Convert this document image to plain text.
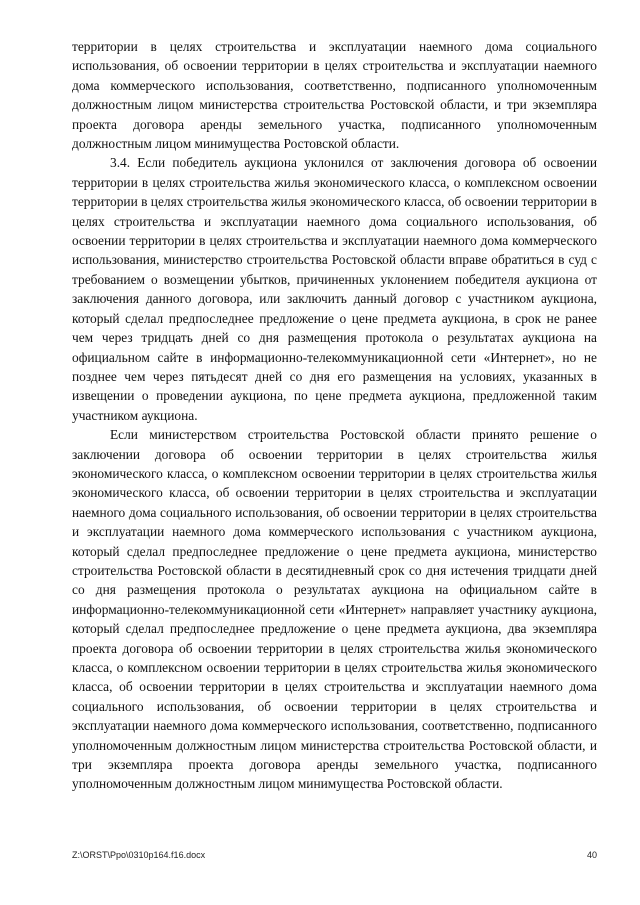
территории в целях строительства и эксплуатации наемного дома социального использования, об освоении территории в целях строительства и эксплуатации наемного дома коммерческого использования, соответственно, подписанного уполномоченным должностным лицом министерства строительства Ростовской области, и три экземпляра проекта договора аренды земельного участка, подписанного уполномоченным должностным лицом минимущества Ростовской области.

3.4. Если победитель аукциона уклонился от заключения договора об освоении территории в целях строительства жилья экономического класса, о комплексном освоении территории в целях строительства жилья экономического класса, об освоении территории в целях строительства и эксплуатации наемного дома социального использования, об освоении территории в целях строительства и эксплуатации наемного дома коммерческого использования, министерство строительства Ростовской области вправе обратиться в суд с требованием о возмещении убытков, причиненных уклонением победителя аукциона от заключения данного договора, или заключить данный договор с участником аукциона, который сделал предпоследнее предложение о цене предмета аукциона, в срок не ранее чем через тридцать дней со дня размещения протокола о результатах аукциона на официальном сайте в информационно-телекоммуникационной сети «Интернет», но не позднее чем через пятьдесят дней со дня его размещения на условиях, указанных в извещении о проведении аукциона, по цене предмета аукциона, предложенной таким участником аукциона.

Если министерством строительства Ростовской области принято решение о заключении договора об освоении территории в целях строительства жилья экономического класса, о комплексном освоении территории в целях строительства жилья экономического класса, об освоении территории в целях строительства и эксплуатации наемного дома социального использования, об освоении территории в целях строительства и эксплуатации наемного дома коммерческого использования с участником аукциона, который сделал предпоследнее предложение о цене предмета аукциона, министерство строительства Ростовской области в десятидневный срок со дня истечения тридцати дней со дня размещения протокола о результатах аукциона на официальном сайте в информационно-телекоммуникационной сети «Интернет» направляет участнику аукциона, который сделал предпоследнее предложение о цене предмета аукциона, два экземпляра проекта договора об освоении территории в целях строительства жилья экономического класса, о комплексном освоении территории в целях строительства жилья экономического класса, об освоении территории в целях строительства и эксплуатации наемного дома социального использования, об освоении территории в целях строительства и эксплуатации наемного дома коммерческого использования, соответственно, подписанного уполномоченным должностным лицом министерства строительства Ростовской области, и три экземпляра проекта договора аренды земельного участка, подписанного уполномоченным должностным лицом минимущества Ростовской области.

Z:\ORST\Ppo\0310p164.f16.docx	40
